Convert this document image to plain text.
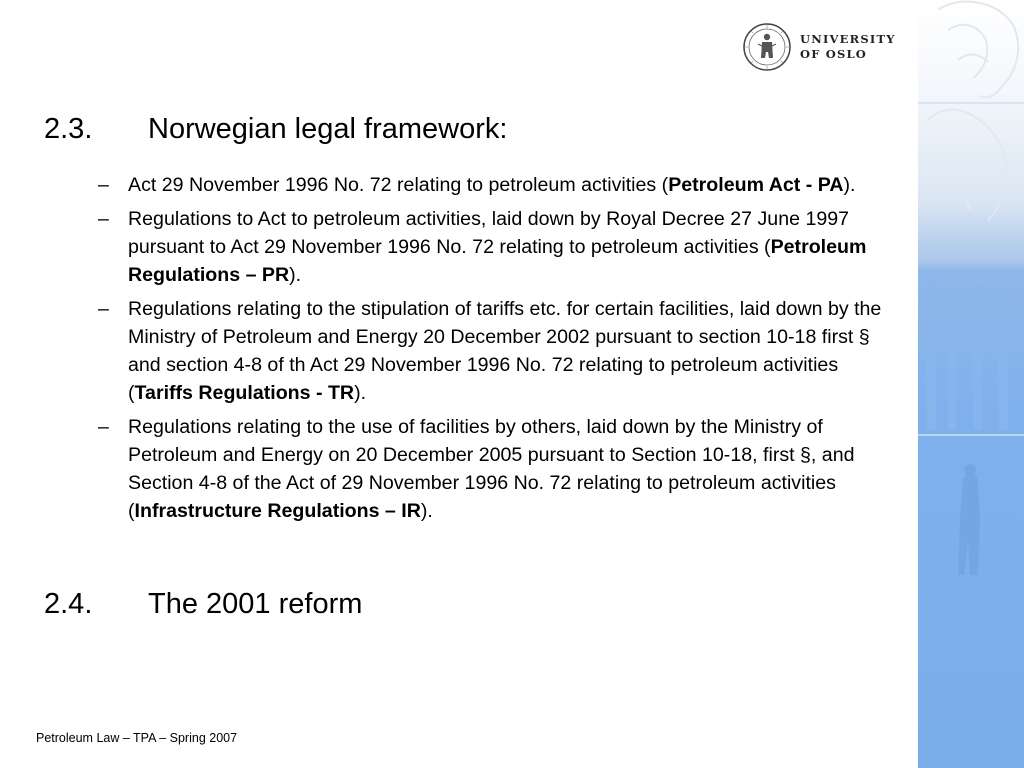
UNIVERSITY
OF OSLO
2.3. Norwegian legal framework:
– Act 29 November 1996 No. 72 relating to petroleum activities (Petroleum Act - PA).
– Regulations to Act to petroleum activities, laid down by Royal Decree 27 June 1997 pursuant to Act 29 November 1996 No. 72 relating to petroleum activities (Petroleum Regulations – PR).
– Regulations relating to the stipulation of tariffs etc. for certain facilities, laid down by the Ministry of Petroleum and Energy 20 December 2002 pursuant to section 10-18 first § and section 4-8 of th Act 29 November 1996 No. 72 relating to petroleum activities (Tariffs Regulations - TR).
– Regulations relating to the use of facilities by others, laid down by the Ministry of Petroleum and Energy on 20 December 2005 pursuant to Section 10-18, first §, and Section 4-8 of the Act of 29 November 1996 No. 72 relating to petroleum activities (Infrastructure Regulations – IR).
2.4. The 2001 reform
Petroleum Law – TPA – Spring 2007
